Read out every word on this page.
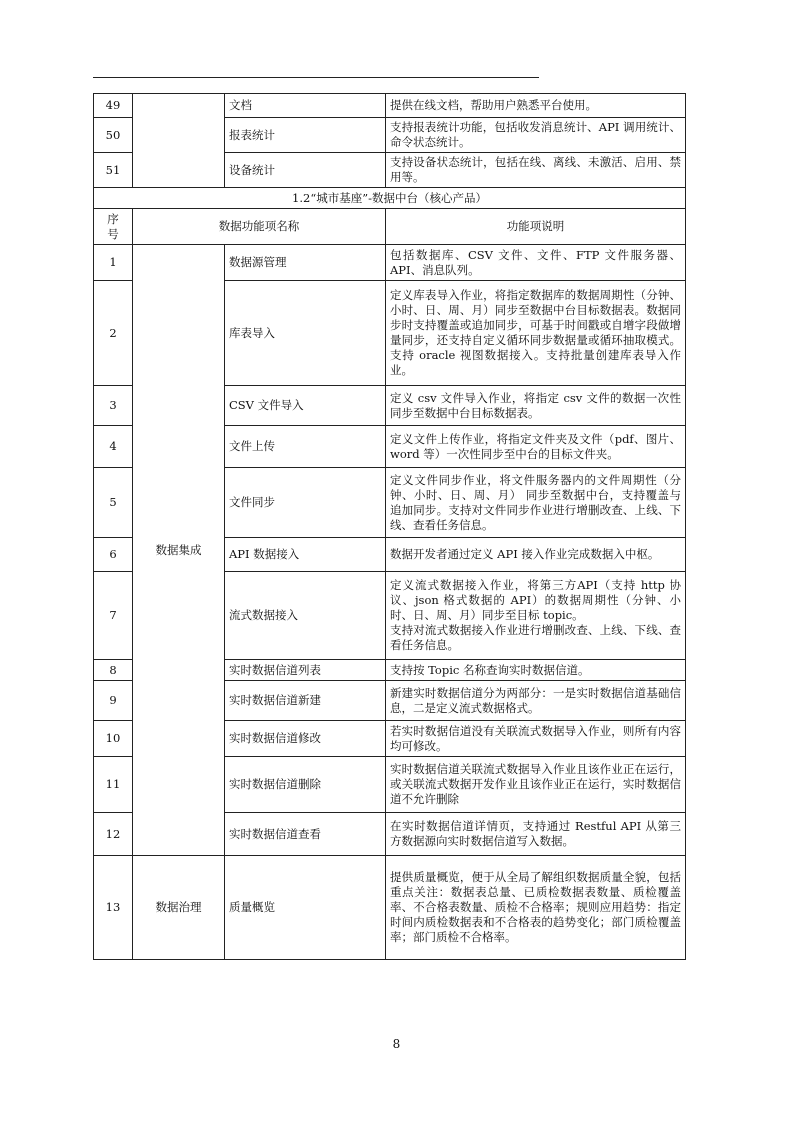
49		文档	提供在线文档，帮助用户熟悉平台使用。
50		报表统计	支持报表统计功能，包括收发消息统计、API 调用统计、命令状态统计。
51		设备统计	支持设备状态统计，包括在线、离线、未激活、启用、禁用等。
1.2“城市基座”-数据中台（核心产品）			
序号	数据功能项名称		功能项说明
1	数据集成	数据源管理	包括数据库、CSV 文件、文件、FTP 文件服务器、API、消息队列。
2		库表导入	定义库表导入作业，将指定数据库的数据周期性（分钟、小时、日、周、月）同步至数据中台目标数据表。数据同步时支持覆盖或追加同步，可基于时间戳或自增字段做增量同步，还支持自定义循环同步数据量或循环抽取模式。支持 oracle 视图数据接入。支持批量创建库表导入作业。
3		CSV 文件导入	定义 csv 文件导入作业，将指定 csv 文件的数据一次性同步至数据中台目标数据表。
4		文件上传	定义文件上传作业，将指定文件夹及文件（pdf、图片、word 等）一次性同步至中台的目标文件夹。
5		文件同步	定义文件同步作业，将文件服务器内的文件周期性（分钟、小时、日、周、月） 同步至数据中台，支持覆盖与追加同步。支持对文件同步作业进行增删改查、上线、下线、查看任务信息。
6		API 数据接入	数据开发者通过定义 API 接入作业完成数据入中枢。
7		流式数据接入	定义流式数据接入作业，将第三方API（支持 http 协议、json 格式数据的 API）的数据周期性（分钟、小时、日、周、月）同步至目标 topic。
支持对流式数据接入作业进行增删改查、上线、下线、查看任务信息。

8		实时数据信道列表	支持按 Topic 名称查询实时数据信道。
9		实时数据信道新建	新建实时数据信道分为两部分：一是实时数据信道基础信息，二是定义流式数据格式。
10		实时数据信道修改	若实时数据信道没有关联流式数据导入作业，则所有内容均可修改。
11		实时数据信道删除	实时数据信道关联流式数据导入作业且该作业正在运行，或关联流式数据开发作业且该作业正在运行，实时数据信道不允许删除
12		实时数据信道查看	在实时数据信道详情页，支持通过 Restful API 从第三方数据源向实时数据信道写入数据。
13	数据治理	质量概览	提供质量概览，便于从全局了解组织数据质量全貌，包括重点关注：数据表总量、已质检数据表数量、质检覆盖率、不合格表数量、质检不合格率；规则应用趋势：指定时间内质检数据表和不合格表的趋势变化；部门质检覆盖率；部门质检不合格率。
8
